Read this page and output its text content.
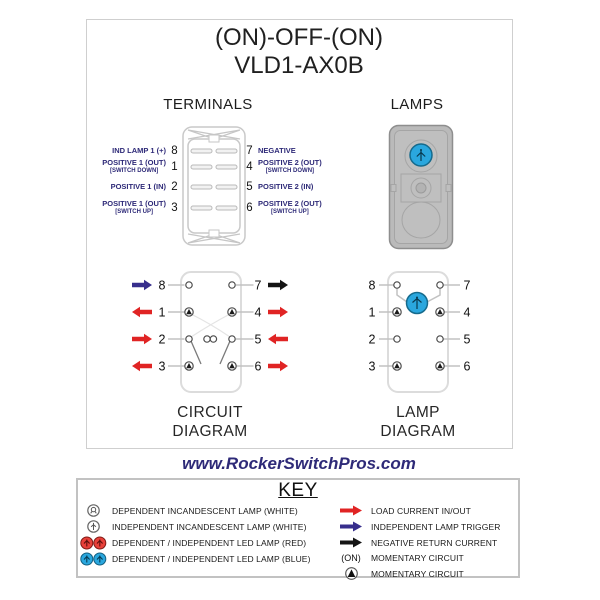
(ON)-OFF-(ON)
VLD1-AX0B
TERMINALS	LAMPS
IND LAMP 1 (+) 8
POSITIVE 1 (OUT)
[SWITCH DOWN] 1
POSITIVE 1 (IN) 2
POSITIVE 1 (OUT)
[SWITCH UP] 3
7 NEGATIVE
4 POSITIVE 2 (OUT)
[SWITCH DOWN]
5 POSITIVE 2 (IN)
6 POSITIVE 2 (OUT)
[SWITCH UP]
8
1
2
3
7
4
5
6
8
1
2
3
7
4
5
6
CIRCUIT
DIAGRAM
LAMP
DIAGRAM
www.RockerSwitchPros.com
KEY
DEPENDENT INCANDESCENT LAMP (WHITE)
INDEPENDENT INCANDESCENT LAMP (WHITE)
DEPENDENT / INDEPENDENT LED LAMP (RED)
DEPENDENT / INDEPENDENT LED LAMP (BLUE)
LOAD CURRENT IN/OUT
INDEPENDENT LAMP TRIGGER
NEGATIVE RETURN CURRENT
(ON)	MOMENTARY CIRCUIT
MOMENTARY CIRCUIT
